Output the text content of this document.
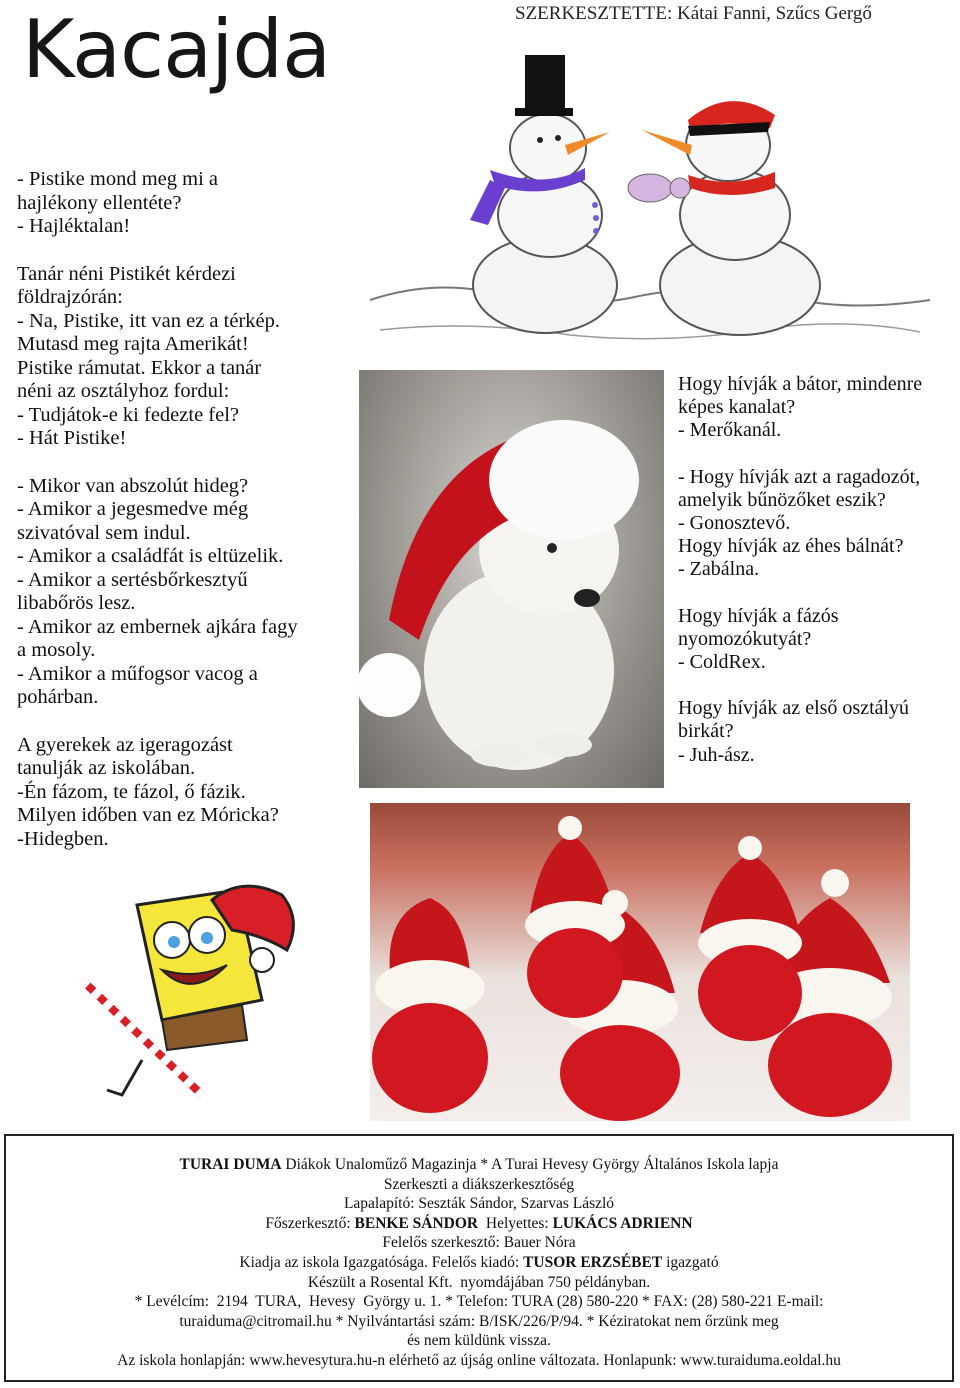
Kacajda	SZERKESZTETTE: Kátai Fanni, Szűcs Gergő
- Pistike mond meg mi a
hajlékony ellentéte?
- Hajléktalan!
Tanár néni Pistikét kérdezi
földrajzórán:
- Na, Pistike, itt van ez a térkép.
Mutasd meg rajta Amerikát!
Pistike rámutat. Ekkor a tanár
néni az osztályhoz fordul:
- Tudjátok-e ki fedezte fel?
- Hát Pistike!
- Mikor van abszolút hideg?
- Amikor a jegesmedve még
szivatóval sem indul.
- Amikor a családfát is eltüzelik.
- Amikor a sertésbőrkesztyű
libabőrös lesz.
- Amikor az embernek ajkára fagy
a mosoly.
- Amikor a műfogsor vacog a
pohárban.
A gyerekek az igeragozást
tanulják az iskolában.
-Én fázom, te fázol, ő fázik.
Milyen időben van ez Móricka?
-Hidegben.
Hogy hívják a bátor, mindenre
képes kanalat?
- Merőkanál.
- Hogy hívják azt a ragadozót,
amelyik bűnözőket eszik?
- Gonosztevő.
Hogy hívják az éhes bálnát?
- Zabálna.
Hogy hívják a fázós
nyomozókutyát?
- ColdRex.
Hogy hívják az első osztályú
birkát?
- Juh-ász.
TURAI DUMA Diákok Unaloműző Magazinja * A Turai Hevesy György Általános Iskola lapja
Szerkeszti a diákszerkesztőség
Lapalapító: Seszták Sándor, Szarvas László
Főszerkesztő: BENKE SÁNDOR  Helyettes: LUKÁCS ADRIENN
Felelős szerkesztő: Bauer Nóra
Kiadja az iskola Igazgatósága. Felelős kiadó: TUSOR ERZSÉBET igazgató
Készült a Rosental Kft.  nyomdájában 750 példányban.
* Levélcím:  2194  TURA,  Hevesy  György u. 1. * Telefon: TURA (28) 580-220 * FAX: (28) 580-221 E-mail:
turaiduma@citromail.hu * Nyilvántartási szám: B/ISK/226/P/94. * Kéziratokat nem őrzünk meg
és nem küldünk vissza.
Az iskola honlapján: www.hevesytura.hu-n elérhető az újság online változata. Honlapunk: www.turaiduma.eoldal.hu
